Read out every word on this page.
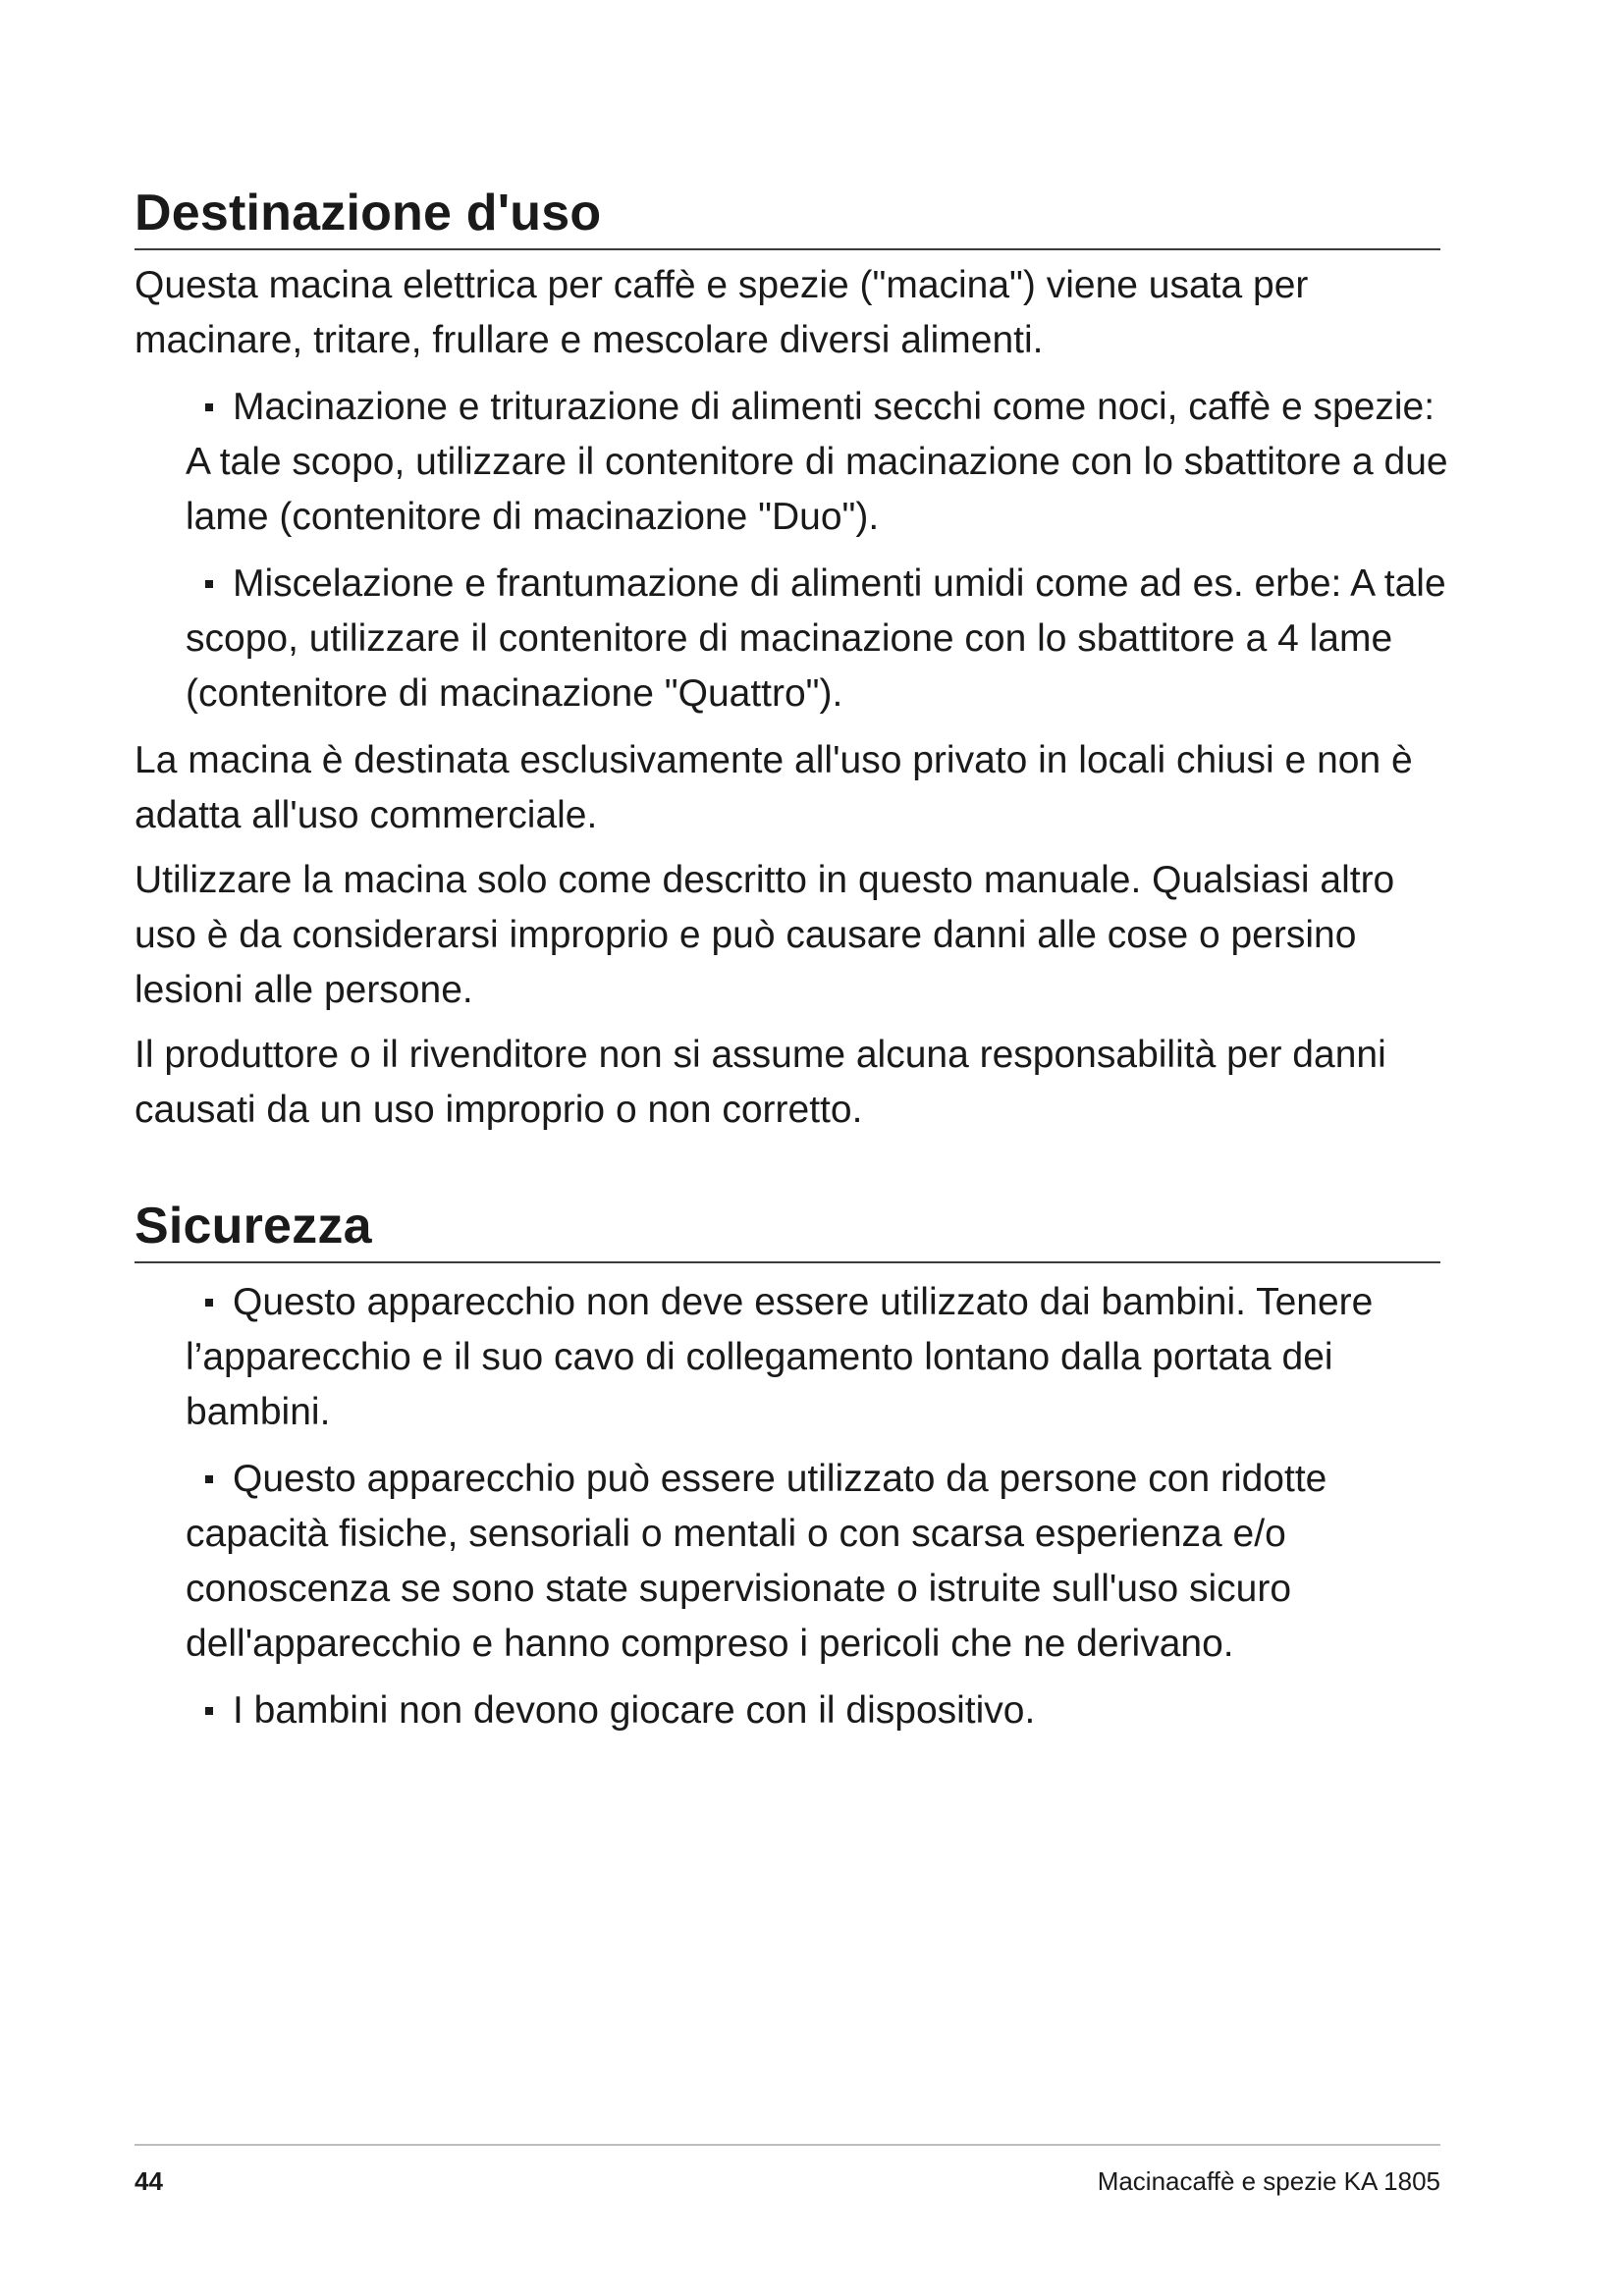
Destinazione d'uso

Questa macina elettrica per caffè e spezie ("macina") viene usata per macinare, tritare, frullare e mescolare diversi alimenti.

Macinazione e triturazione di alimenti secchi come noci, caffè e spezie: A tale scopo, utilizzare il contenitore di macinazione con lo sbattitore a due lame (contenitore di macinazione "Duo").
Miscelazione e frantumazione di alimenti umidi come ad es. erbe: A tale scopo, utilizzare il contenitore di macinazione con lo sbattitore a 4 lame (contenitore di macinazione "Quattro").

La macina è destinata esclusivamente all'uso privato in locali chiusi e non è adatta all'uso commerciale.

Utilizzare la macina solo come descritto in questo manuale. Qualsiasi altro uso è da considerarsi improprio e può causare danni alle cose o persino lesioni alle persone.

Il produttore o il rivenditore non si assume alcuna responsabilità per danni causati da un uso improprio o non corretto.

Sicurezza
Questo apparecchio non deve essere utilizzato dai bambini. Tenere l’apparecchio e il suo cavo di collegamento lontano dalla portata dei bambini.
Questo apparecchio può essere utilizzato da persone con ridotte capacità fisiche, sensoriali o mentali o con scarsa esperienza e/o conoscenza se sono state supervisionate o istruite sull'uso sicuro dell'apparecchio e hanno compreso i pericoli che ne derivano.
I bambini non devono giocare con il dispositivo.
44	Macinacaffè e spezie KA 1805
